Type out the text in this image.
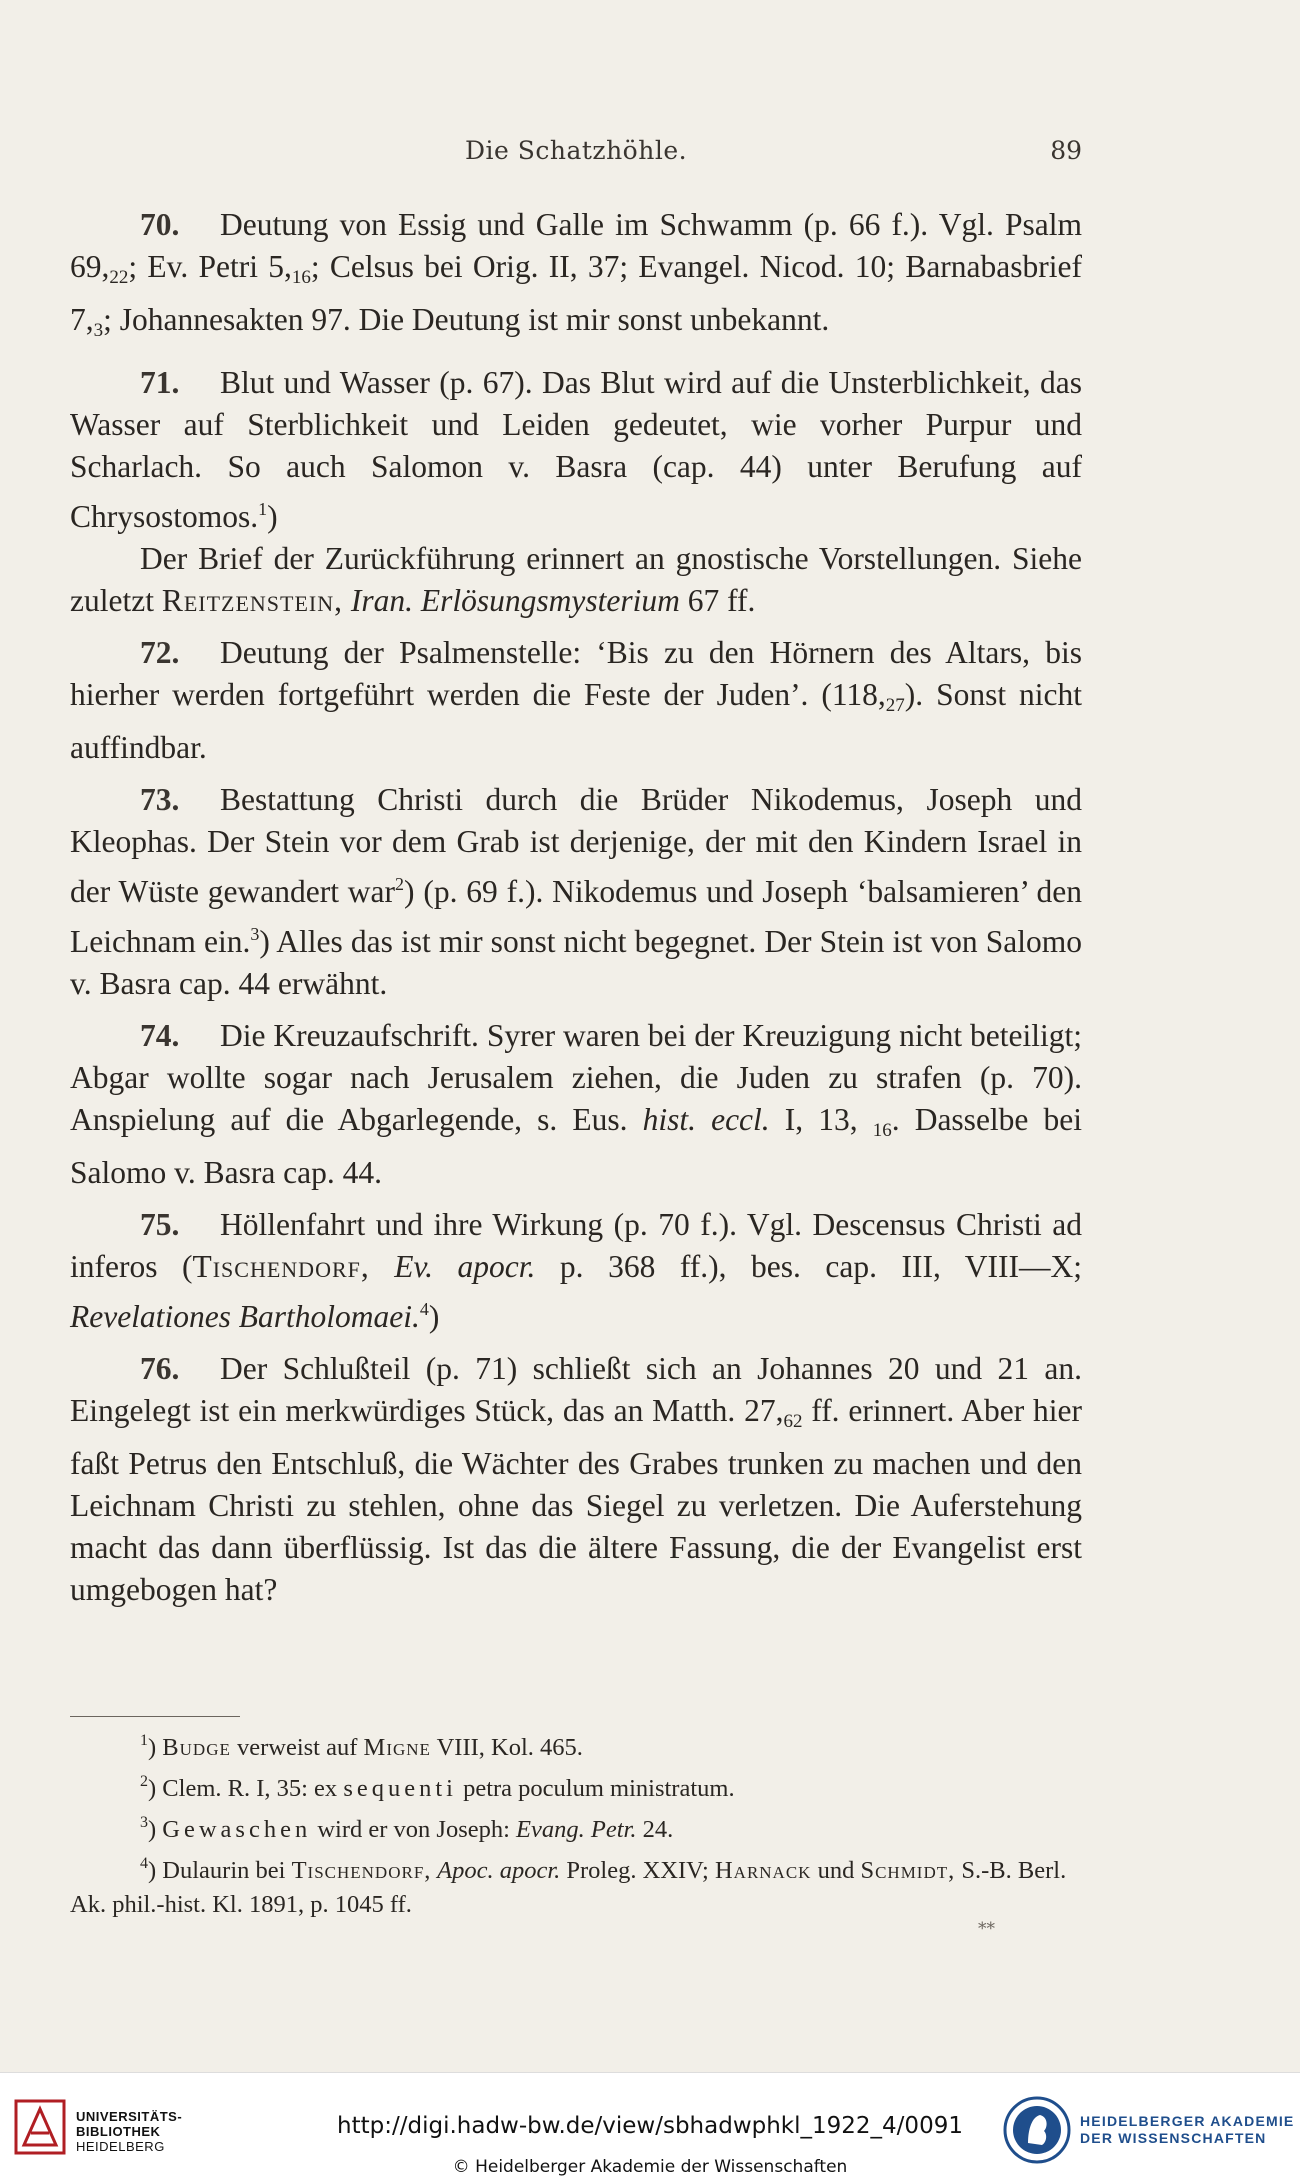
Die Schatzhöhle.	89

70. Deutung von Essig und Galle im Schwamm (p. 66 f.). Vgl. Psalm $69,_{22}$; Ev. Petri $5,_{16}$; Celsus bei Orig. II, 37; Evangel. Nicod. 10; Barnabasbrief $7,_3$; Johannesakten 97. Die Deutung ist mir sonst unbekannt.

71. Blut und Wasser (p. 67). Das Blut wird auf die Unsterblichkeit, das Wasser auf Sterblichkeit und Leiden gedeutet, wie vorher Purpur und Scharlach. So auch Salomon v. Basra (cap. 44) unter Berufung auf Chrysostomos.$^1$)

Der Brief der Zurückführung erinnert an gnostische Vorstellungen. Siehe zuletzt Reitzenstein, Iran. Erlösungsmysterium 67 ff.

72. Deutung der Psalmenstelle: ‘Bis zu den Hörnern des Altars, bis hierher werden fortgeführt werden die Feste der Juden’. $(118,_{27})$. Sonst nicht auffindbar.

73. Bestattung Christi durch die Brüder Nikodemus, Joseph und Kleophas. Der Stein vor dem Grab ist derjenige, der mit den Kindern Israel in der Wüste gewandert war$^2$) (p. 69 f.). Nikodemus und Joseph ‘balsamieren’ den Leichnam ein.$^3$) Alles das ist mir sonst nicht begegnet. Der Stein ist von Salomo v. Basra cap. 44 erwähnt.

74. Die Kreuzaufschrift. Syrer waren bei der Kreuzigung nicht beteiligt; Abgar wollte sogar nach Jerusalem ziehen, die Juden zu strafen (p. 70). Anspielung auf die Abgarlegende, s. Eus. hist. eccl. I, 13, $_{16}$. Dasselbe bei Salomo v. Basra cap. 44.

75. Höllenfahrt und ihre Wirkung (p. 70 f.). Vgl. Descensus Christi ad inferos (Tischendorf, Ev. apocr. p. 368 ff.), bes. cap. III, VIII—X; Revelationes Bartholomaei.$^4$)

76. Der Schlußteil (p. 71) schließt sich an Johannes 20 und 21 an. Eingelegt ist ein merkwürdiges Stück, das an Matth. $27,_{62}$ ff. erinnert. Aber hier faßt Petrus den Entschluß, die Wächter des Grabes trunken zu machen und den Leichnam Christi zu stehlen, ohne das Siegel zu verletzen. Die Auferstehung macht das dann überflüssig. Ist das die ältere Fassung, die der Evangelist erst umgebogen hat?

$^1$) Budge verweist auf Migne VIII, Kol. 465.

$^2$) Clem. R. I, 35: ex sequenti petra poculum ministratum.

$^3$) Gewaschen wird er von Joseph: Evang. Petr. 24.

$^4$) Dulaurin bei Tischendorf, Apoc. apocr. Proleg. XXIV; Harnack und Schmidt, S.-B. Berl. Ak. phil.-hist. Kl. 1891, p. 1045 ff.

**
UNIVERSITÄTS-
BIBLIOTHEK
HEIDELBERG
http://digi.hadw-bw.de/view/sbhadwphkl_1922_4/0091
© Heidelberger Akademie der Wissenschaften
HEIDELBERGER AKADEMIE
DER WISSENSCHAFTEN
